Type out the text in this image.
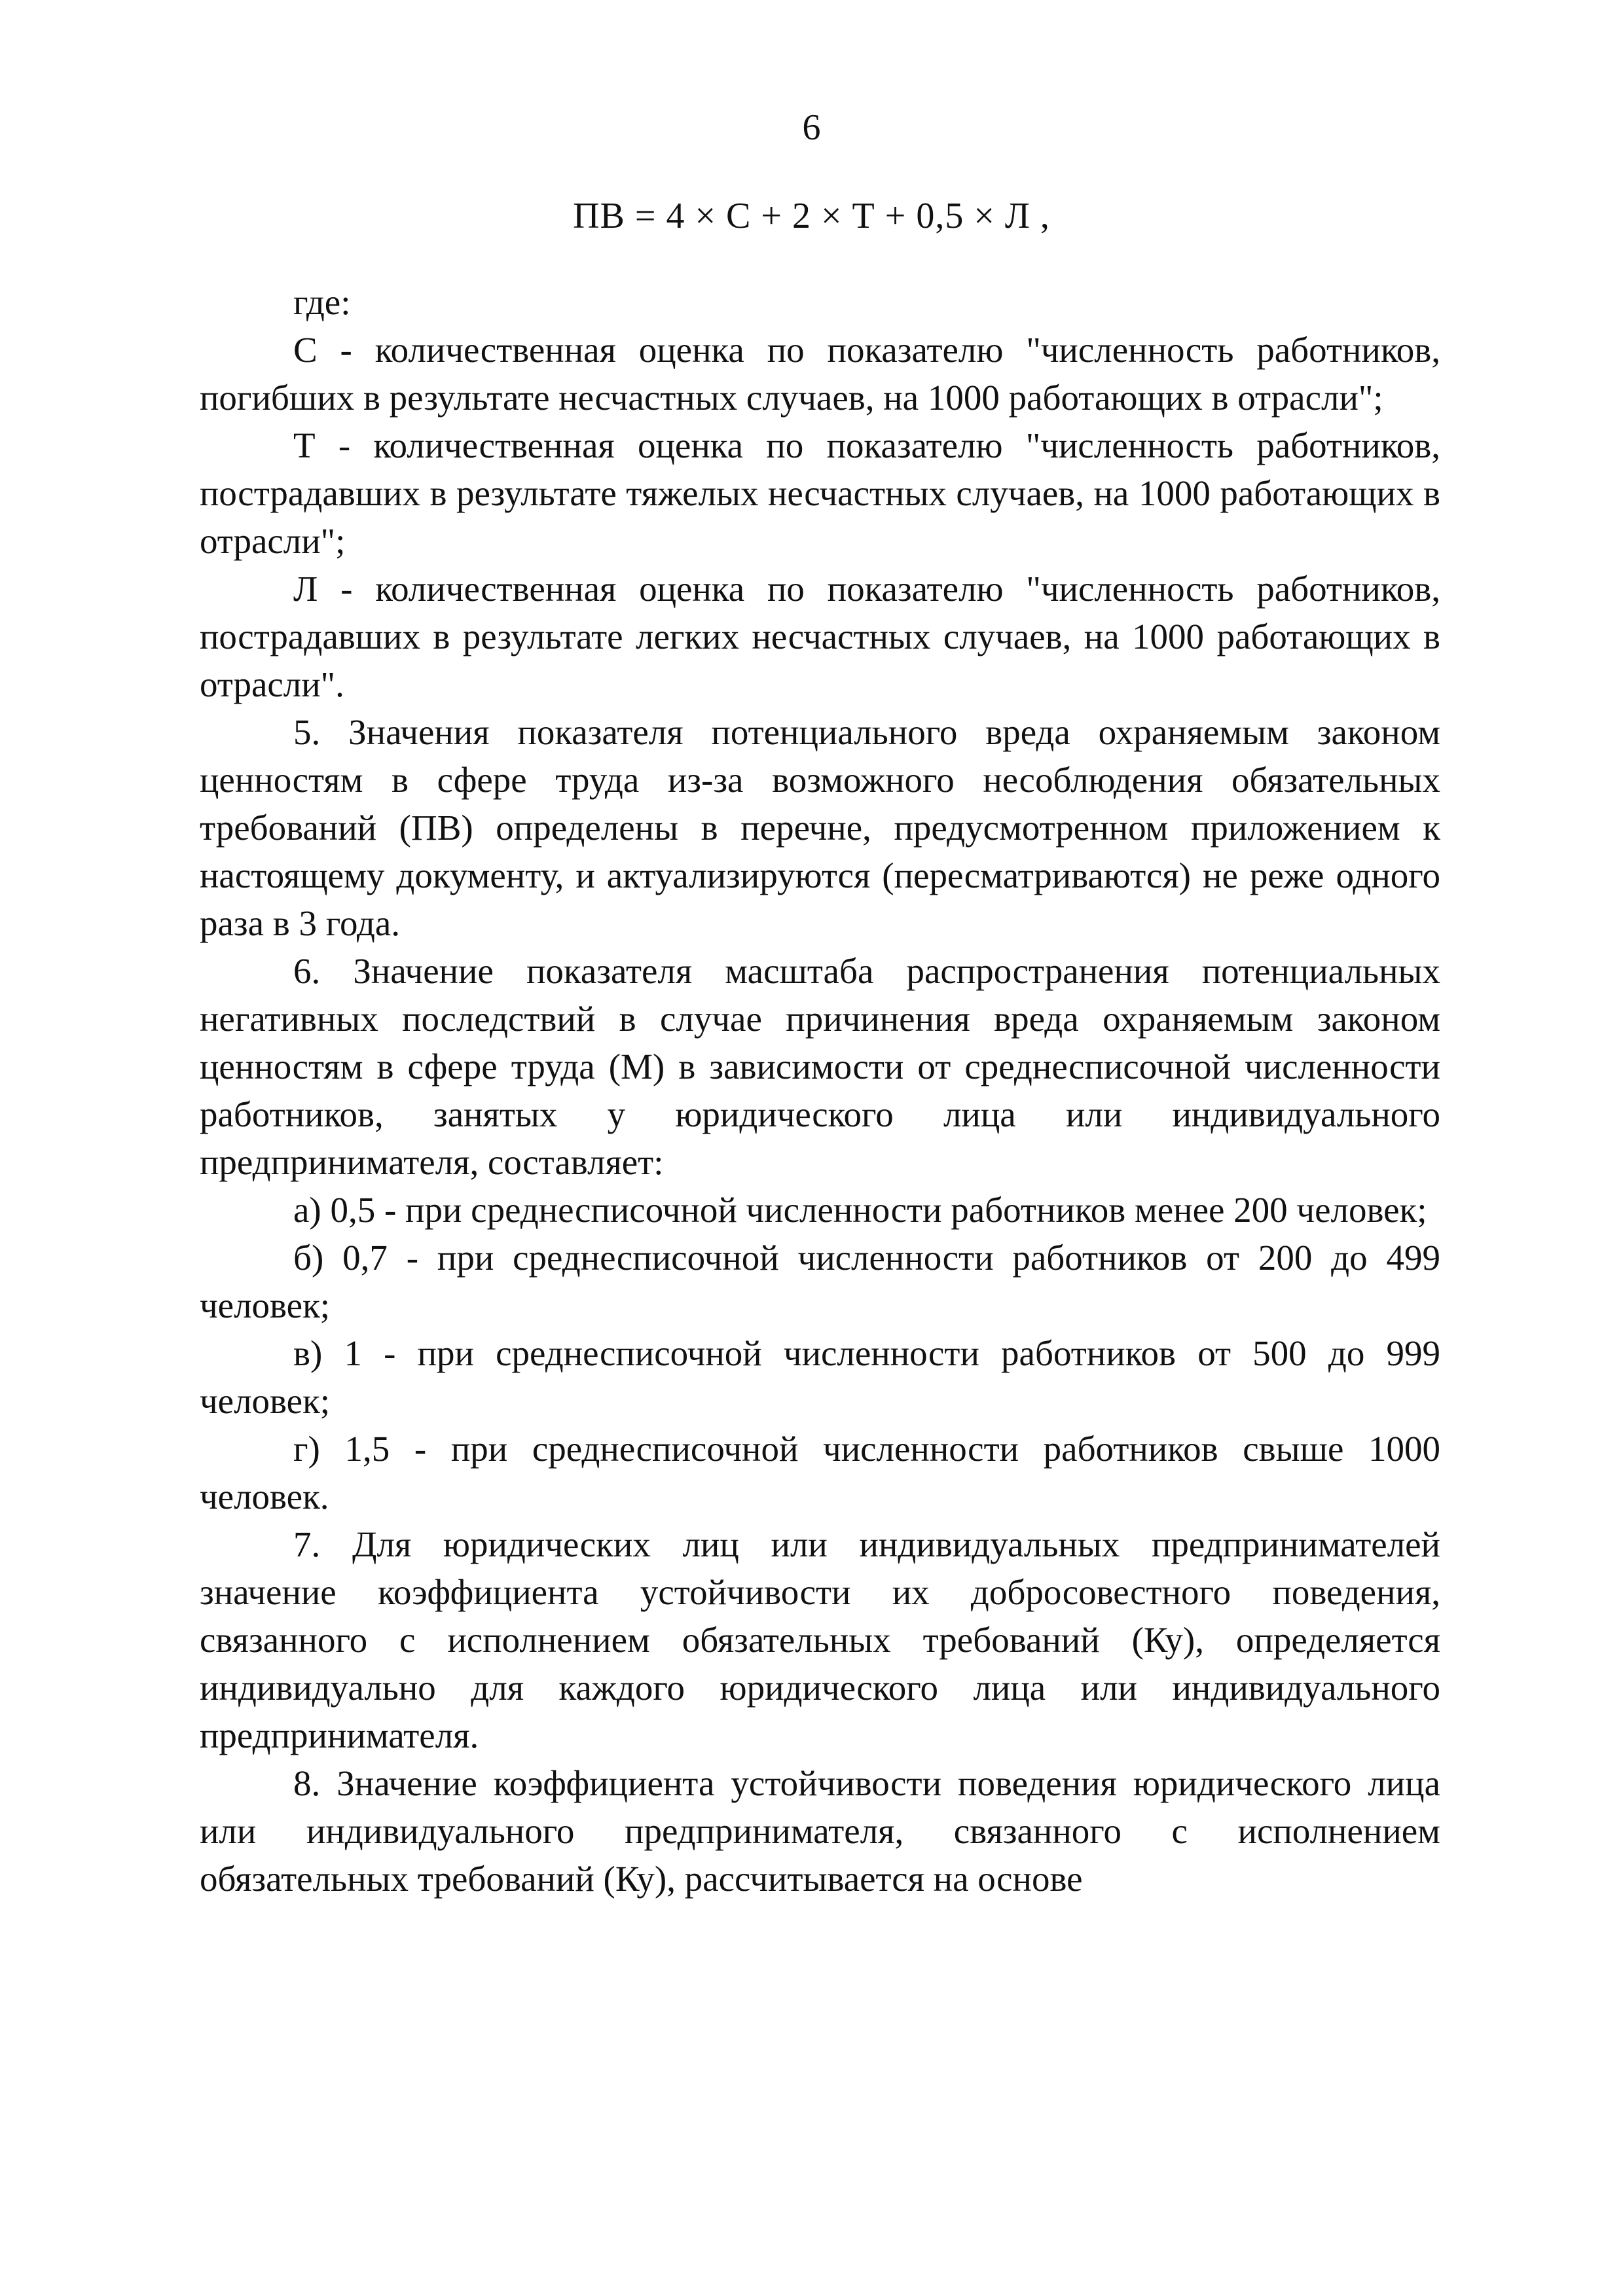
6
ПВ = 4 × С + 2 × Т + 0,5 × Л ,

где:

С - количественная оценка по показателю "численность работников, погибших в результате несчастных случаев, на 1000 работающих в отрасли";

Т - количественная оценка по показателю "численность работников, пострадавших в результате тяжелых несчастных случаев, на 1000 работающих в отрасли";

Л - количественная оценка по показателю "численность работников, пострадавших в результате легких несчастных случаев, на 1000 работающих в отрасли".

5. Значения показателя потенциального вреда охраняемым законом ценностям в сфере труда из-за возможного несоблюдения обязательных требований (ПВ) определены в перечне, предусмотренном приложением к настоящему документу, и актуализируются (пересматриваются) не реже одного раза в 3 года.

6. Значение показателя масштаба распространения потенциальных негативных последствий в случае причинения вреда охраняемым законом ценностям в сфере труда (М) в зависимости от среднесписочной численности работников, занятых у юридического лица или индивидуального предпринимателя, составляет:

а) 0,5 - при среднесписочной численности работников менее 200 человек;

б) 0,7 - при среднесписочной численности работников от 200 до 499 человек;

в) 1 - при среднесписочной численности работников от 500 до 999 человек;

г) 1,5 - при среднесписочной численности работников свыше 1000 человек.

7. Для юридических лиц или индивидуальных предпринимателей значение коэффициента устойчивости их добросовестного поведения, связанного с исполнением обязательных требований (Ку), определяется индивидуально для каждого юридического лица или индивидуального предпринимателя.

8. Значение коэффициента устойчивости поведения юридического лица или индивидуального предпринимателя, связанного с исполнением обязательных требований (Ку), рассчитывается на основе
